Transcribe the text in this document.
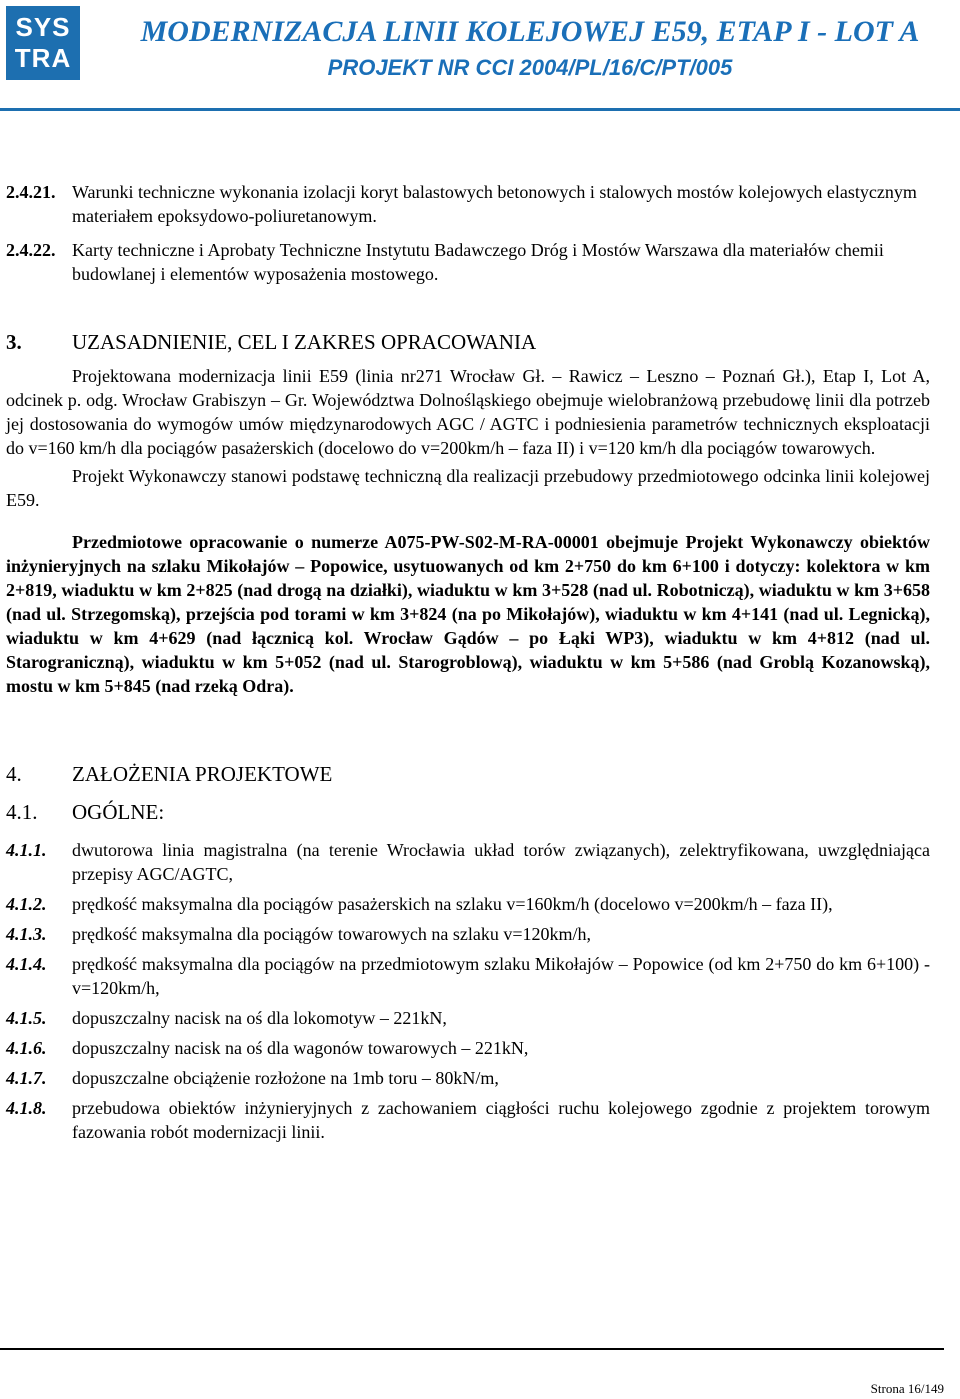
SYS
TRA
MODERNIZACJA LINII KOLEJOWEJ E59, ETAP I - LOT A
PROJEKT NR CCI 2004/PL/16/C/PT/005
2.4.21. Warunki techniczne wykonania izolacji koryt balastowych betonowych i stalowych mostów kolejowych elastycznym materiałem epoksydowo-poliuretanowym.
2.4.22. Karty techniczne i Aprobaty Techniczne Instytutu Badawczego Dróg i Mostów Warszawa dla materiałów chemii budowlanej i elementów wyposażenia mostowego.
3.	UZASADNIENIE, CEL I ZAKRES OPRACOWANIA

Projektowana modernizacja linii E59 (linia nr271 Wrocław Gł. – Rawicz – Leszno – Poznań Gł.), Etap I, Lot A, odcinek p. odg. Wrocław Grabiszyn – Gr. Województwa Dolnośląskiego obejmuje wielobranżową przebudowę linii dla potrzeb jej dostosowania do wymogów umów międzynarodowych AGC / AGTC i podniesienia parametrów technicznych eksploatacji do v=160 km/h dla pociągów pasażerskich (docelowo do v=200km/h – faza II) i v=120 km/h dla pociągów towarowych.

Projekt Wykonawczy stanowi podstawę techniczną dla realizacji przebudowy przedmiotowego odcinka linii kolejowej E59.

Przedmiotowe opracowanie o numerze A075-PW-S02-M-RA-00001 obejmuje Projekt Wykonawczy obiektów inżynieryjnych na szlaku Mikołajów – Popowice, usytuowanych od km 2+750 do km 6+100 i dotyczy: kolektora w km 2+819, wiaduktu w km 2+825 (nad drogą na działki), wiaduktu w km 3+528 (nad ul. Robotniczą), wiaduktu w km 3+658 (nad ul. Strzegomską), przejścia pod torami w km 3+824 (na po Mikołajów), wiaduktu w km 4+141 (nad ul. Legnicką), wiaduktu w km 4+629 (nad łącznicą kol. Wrocław Gądów – po Łąki WP3), wiaduktu w km 4+812 (nad ul. Starograniczną), wiaduktu w km 5+052 (nad ul. Starogroblową), wiaduktu w km 5+586 (nad Groblą Kozanowską), mostu w km 5+845 (nad rzeką Odra).

4.	ZAŁOŻENIA PROJEKTOWE
4.1.	OGÓLNE:
4.1.1.	dwutorowa linia magistralna (na terenie Wrocławia układ torów związanych), zelektryfikowana, uwzględniająca przepisy AGC/AGTC,
4.1.2.	prędkość maksymalna dla pociągów pasażerskich na szlaku v=160km/h (docelowo v=200km/h – faza II),
4.1.3.	prędkość maksymalna dla pociągów towarowych na szlaku v=120km/h,
4.1.4.	prędkość maksymalna dla pociągów na przedmiotowym szlaku Mikołajów – Popowice (od km 2+750 do km 6+100) - v=120km/h,
4.1.5.	dopuszczalny nacisk na oś dla lokomotyw – 221kN,
4.1.6.	dopuszczalny nacisk na oś dla wagonów towarowych – 221kN,
4.1.7.	dopuszczalne obciążenie rozłożone na 1mb toru – 80kN/m,
4.1.8.	przebudowa obiektów inżynieryjnych z zachowaniem ciągłości ruchu kolejowego zgodnie z projektem torowym fazowania robót modernizacji linii.
Strona 16/149
